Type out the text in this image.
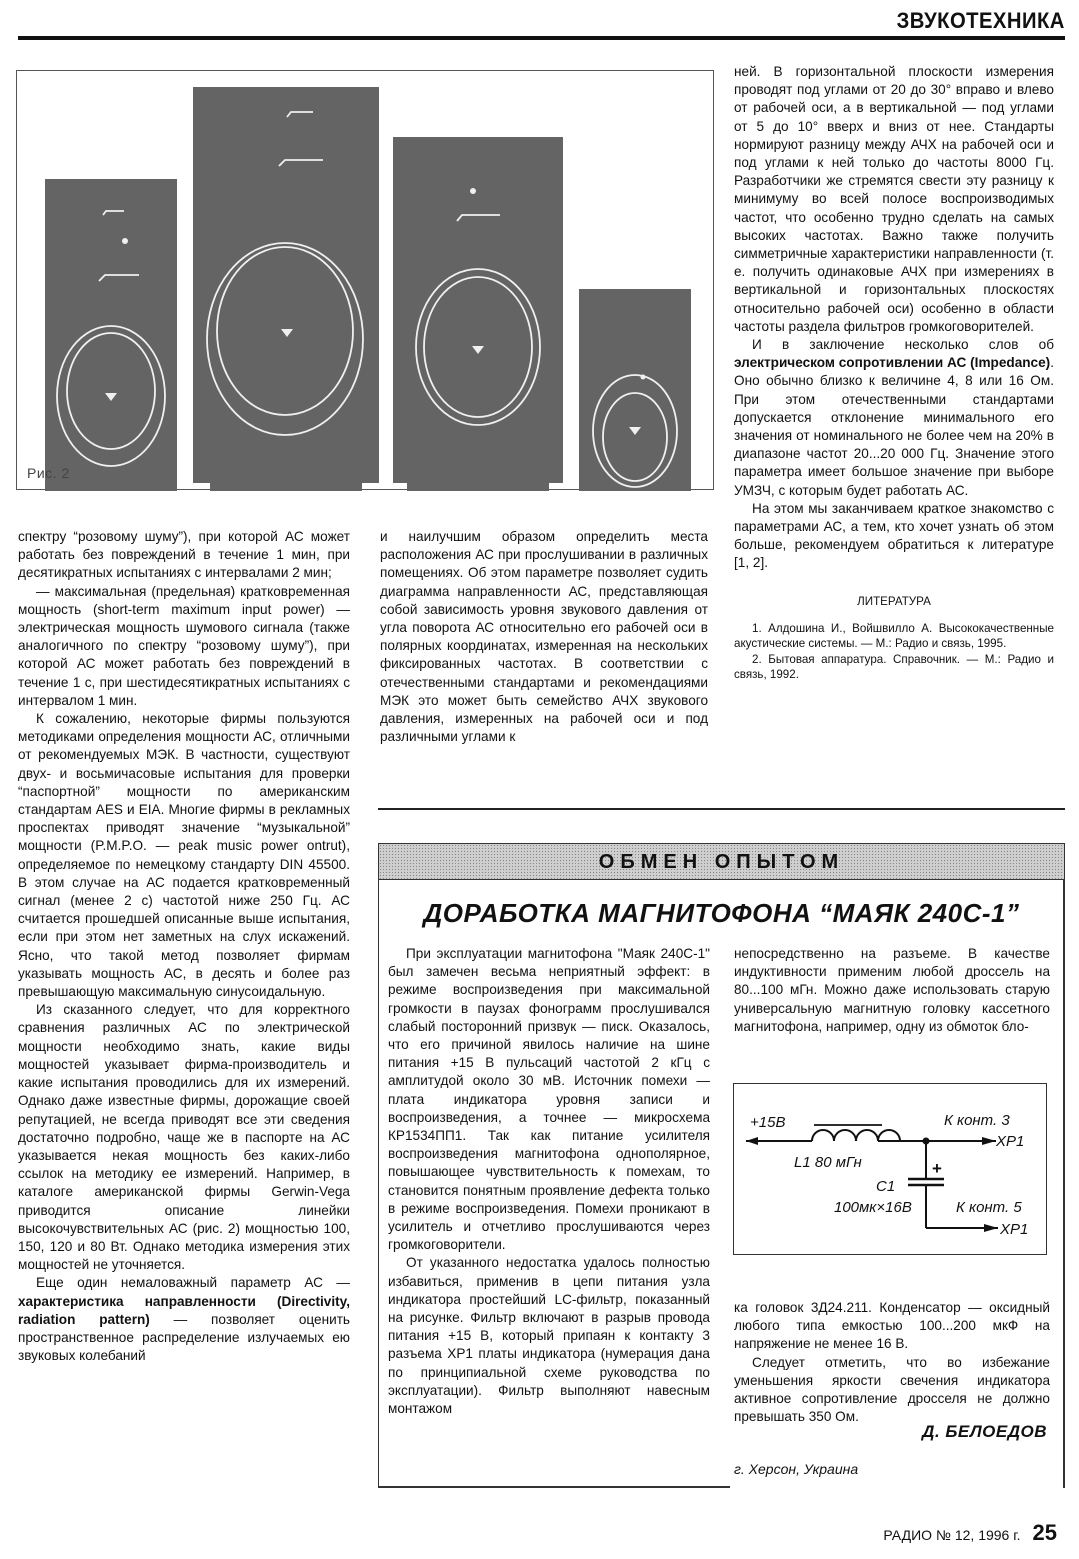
ЗВУКОТЕХНИКА
Рис. 2

спектру “розовому шуму”), при которой АС может работать без повреждений в течение 1 мин, при десятикратных испытаниях с интервалами 2 мин;

— максимальная (предельная) кратковременная мощность (short-term maximum input power) — электрическая мощность шумового сигнала (также аналогичного по спектру “розовому шуму”), при которой АС может работать без повреждений в течение 1 с, при шестидесятикратных испытаниях с интервалом 1 мин.

К сожалению, некоторые фирмы пользуются методиками определения мощности АС, отличными от рекомендуемых МЭК. В частности, существуют двух- и восьмичасовые испытания для проверки “паспортной” мощности по американским стандартам AES и EIA. Многие фирмы в рекламных проспектах приводят значение “музыкальной” мощности (P.M.P.O. — peak music power ontrut), определяемое по немецкому стандарту DIN 45500. В этом случае на АС подается кратковременный сигнал (менее 2 с) частотой ниже 250 Гц. АС считается прошедшей описанные выше испытания, если при этом нет заметных на слух искажений. Ясно, что такой метод позволяет фирмам указывать мощность АС, в десять и более раз превышающую максимальную синусоидальную.

Из сказанного следует, что для корректного сравнения различных АС по электрической мощности необходимо знать, какие виды мощностей указывает фирма-производитель и какие испытания проводились для их измерений. Однако даже известные фирмы, дорожащие своей репутацией, не всегда приводят все эти сведения достаточно подробно, чаще же в паспорте на АС указывается некая мощность без каких-либо ссылок на методику ее измерений. Например, в каталоге американской фирмы Gerwin-Vega приводится описание линейки высокочувствительных АС (рис. 2) мощностью 100, 150, 120 и 80 Вт. Однако методика измерения этих мощностей не уточняется.

Еще один немаловажный параметр АС — характеристика направленности (Directivity, radiation pattern) — позволяет оценить пространственное распределение излучаемых ею звуковых колебаний

и наилучшим образом определить места расположения АС при прослушивании в различных помещениях. Об этом параметре позволяет судить диаграмма направленности АС, представляющая собой зависимость уровня звукового давления от угла поворота АС относительно его рабочей оси в полярных координатах, измеренная на нескольких фиксированных частотах. В соответствии с отечественными стандартами и рекомендациями МЭК это может быть семейство АЧХ звукового давления, измеренных на рабочей оси и под различными углами к

ней. В горизонтальной плоскости измерения проводят под углами от 20 до 30° вправо и влево от рабочей оси, а в вертикальной — под углами от 5 до 10° вверх и вниз от нее. Стандарты нормируют разницу между АЧХ на рабочей оси и под углами к ней только до частоты 8000 Гц. Разработчики же стремятся свести эту разницу к минимуму во всей полосе воспроизводимых частот, что особенно трудно сделать на самых высоких частотах. Важно также получить симметричные характеристики направленности (т. е. получить одинаковые АЧХ при измерениях в вертикальной и горизонтальных плоскостях относительно рабочей оси) особенно в области частоты раздела фильтров громкоговорителей.

И в заключение несколько слов об электрическом сопротивлении АС (Impedance). Оно обычно близко к величине 4, 8 или 16 Ом. При этом отечественными стандартами допускается отклонение минимального его значения от номинального не более чем на 20% в диапазоне частот 20...20 000 Гц. Значение этого параметра имеет большое значение при выборе УМЗЧ, с которым будет работать АС.

На этом мы заканчиваем краткое знакомство с параметрами АС, а тем, кто хочет узнать об этом больше, рекомендуем обратиться к литературе [1, 2].

ЛИТЕРАТУРА

1. Алдошина И., Войшвилло А. Высококачественные акустические системы. — М.: Радио и связь, 1995.

2. Бытовая аппаратура. Справочник. — М.: Радио и связь, 1992.

ОБМЕН ОПЫТОМ
ДОРАБОТКА МАГНИТОФОНА “МАЯК 240С-1”

При эксплуатации магнитофона "Маяк 240С-1" был замечен весьма неприятный эффект: в режиме воспроизведения при максимальной громкости в паузах фонограмм прослушивался слабый посторонний призвук — писк. Оказалось, что его причиной явилось наличие на шине питания +15 В пульсаций частотой 2 кГц с амплитудой около 30 мВ. Источник помехи — плата индикатора уровня записи и воспроизведения, а точнее — микросхема КР1534ПП1. Так как питание усилителя воспроизведения магнитофона однополярное, повышающее чувствительность к помехам, то становится понятным проявление дефекта только в режиме воспроизведения. Помехи проникают в усилитель и отчетливо прослушиваются через громкоговорители.

От указанного недостатка удалось полностью избавиться, применив в цепи питания узла индикатора простейший LC-фильтр, показанный на рисунке. Фильтр включают в разрыв провода питания +15 В, который припаян к контакту 3 разъема ХР1 платы индикатора (нумерация дана по принципиальной схеме руководства по эксплуатации). Фильтр выполняют навесным монтажом

непосредственно на разъеме. В качестве индуктивности применим любой дроссель на 80...100 мГн. Можно даже использовать старую универсальную магнитную головку кассетного магнитофона, например, одну из обмоток бло-

+15В
L1 80 мГн	+
C1
100мк×16В
К конт. 3
XP1
К конт. 5
XP1

ка головок 3Д24.211. Конденсатор — оксидный любого типа емкостью 100...200 мкФ на напряжение не менее 16 В.

Следует отметить, что во избежание уменьшения яркости свечения индикатора активное сопротивление дросселя не должно превышать 350 Ом.

Д. БЕЛОЕДОВ
г. Херсон, Украина
РАДИО № 12, 1996 г. 25
